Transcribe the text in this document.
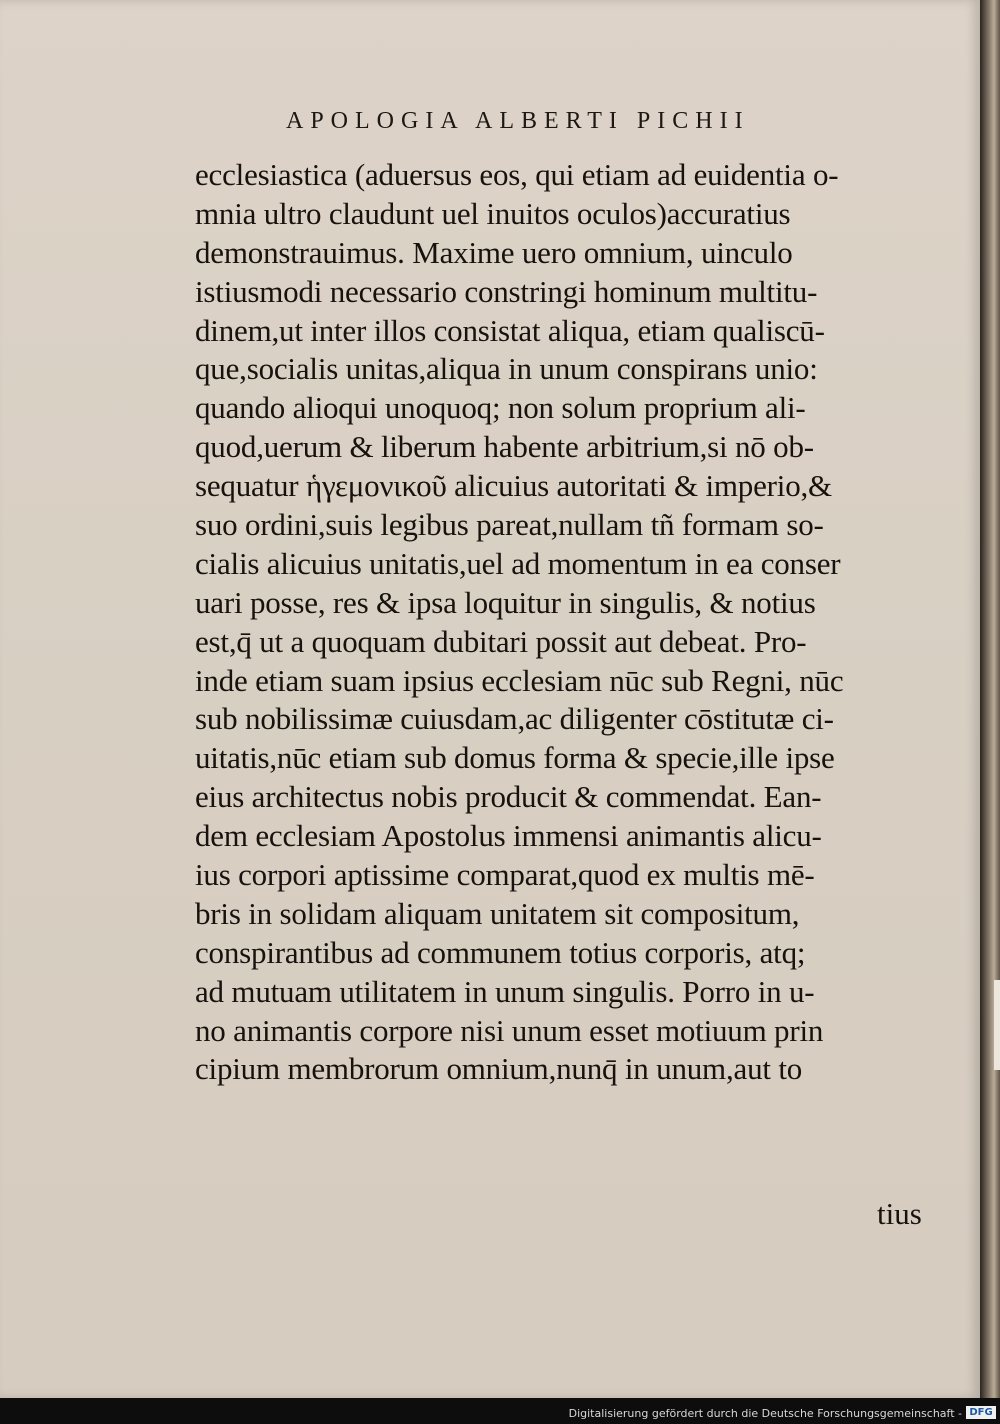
APOLOGIA ALBERTI PICHII
ecclesiastica (aduersus eos, qui etiam ad euidentia o-
mnia ultro claudunt uel inuitos oculos)accuratius
demonstrauimus. Maxime uero omnium, uinculo
istiusmodi necessario constringi hominum multitu-
dinem,ut inter illos consistat aliqua, etiam qualiscū-
que,socialis unitas,aliqua in unum conspirans unio:
quando alioqui unoquoq; non solum proprium ali-
quod,uerum & liberum habente arbitrium,si nō ob-
sequatur ἡγεμονικοῦ alicuius autoritati & imperio,&
suo ordini,suis legibus pareat,nullam tñ formam so-
cialis alicuius unitatis,uel ad momentum in ea conser
uari posse, res & ipsa loquitur in singulis, & notius
est,q̄ ut a quoquam dubitari possit aut debeat. Pro-
inde etiam suam ipsius ecclesiam nūc sub Regni, nūc
sub nobilissimæ cuiusdam,ac diligenter cōstitutæ ci-
uitatis,nūc etiam sub domus forma & specie,ille ipse
eius architectus nobis producit & commendat. Ean-
dem ecclesiam Apostolus immensi animantis alicu-
ius corpori aptissime comparat,quod ex multis mē-
bris in solidam aliquam unitatem sit compositum,
conspirantibus ad communem totius corporis, atq;
ad mutuam utilitatem in unum singulis. Porro in u-
no animantis corpore nisi unum esset motiuum prin
cipium membrorum omnium,nunq̄ in unum,aut to
tius
Digitalisierung gefördert durch die Deutsche Forschungsgemeinschaft - DFG
